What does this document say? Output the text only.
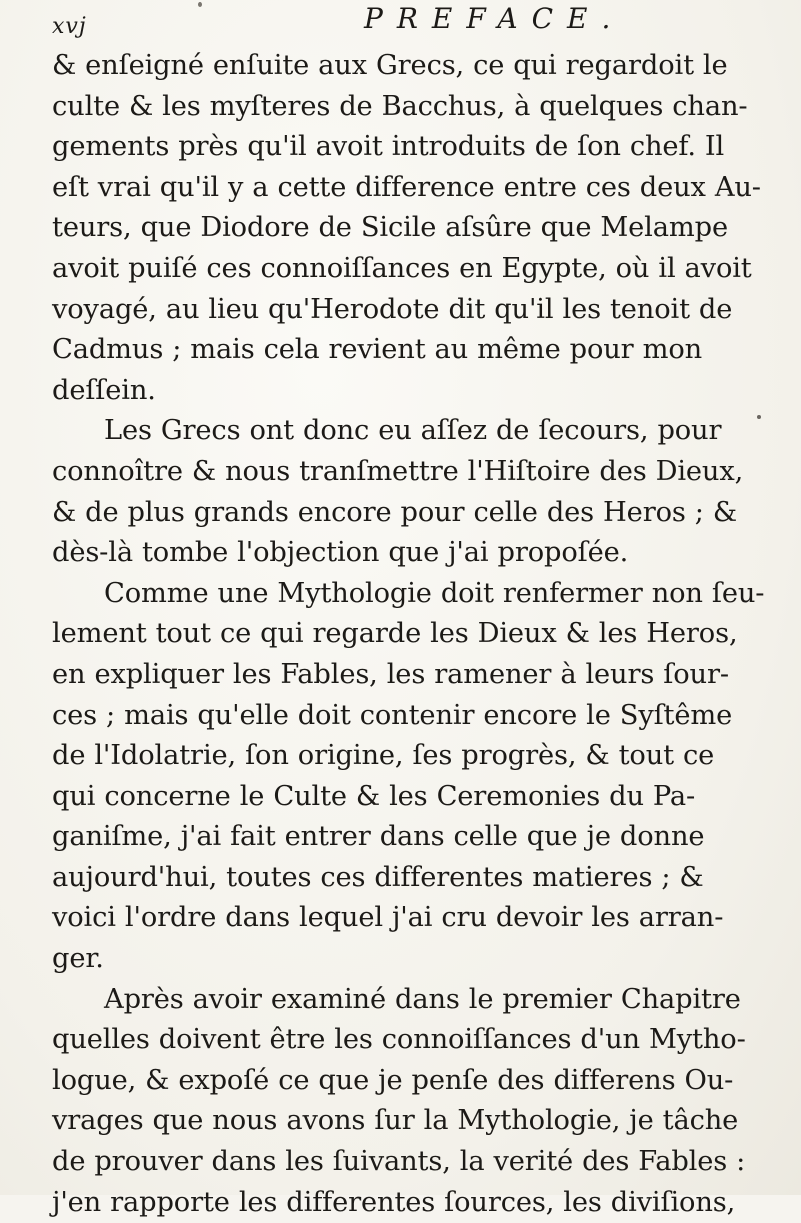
xvj	PREFACE.
& enſeigné enſuite aux Grecs, ce qui regardoit le
culte & les myſteres de Bacchus, à quelques chan-
gements près qu'il avoit introduits de ſon chef. Il
eſt vrai qu'il y a cette difference entre ces deux Au-
teurs, que Diodore de Sicile aſsûre que Melampe
avoit puiſé ces connoiſſances en Egypte, où il avoit
voyagé, au lieu qu'Herodote dit qu'il les tenoit de
Cadmus ; mais cela revient au même pour mon
deſſein.
Les Grecs ont donc eu aſſez de ſecours, pour
connoître & nous tranſmettre l'Hiſtoire des Dieux,
& de plus grands encore pour celle des Heros ; &
dès-là tombe l'objection que j'ai propoſée.
Comme une Mythologie doit renfermer non ſeu-
lement tout ce qui regarde les Dieux & les Heros,
en expliquer les Fables, les ramener à leurs ſour-
ces ; mais qu'elle doit contenir encore le Syſtême
de l'Idolatrie, ſon origine, ſes progrès, & tout ce
qui concerne le Culte & les Ceremonies du Pa-
ganiſme, j'ai fait entrer dans celle que je donne
aujourd'hui, toutes ces differentes matieres ; &
voici l'ordre dans lequel j'ai cru devoir les arran-
ger.
Après avoir examiné dans le premier Chapitre
quelles doivent être les connoiſſances d'un Mytho-
logue, & expoſé ce que je penſe des differens Ou-
vrages que nous avons ſur la Mythologie, je tâche
de prouver dans les ſuivants, la verité des Fables :
j'en rapporte les differentes ſources, les diviſions,
